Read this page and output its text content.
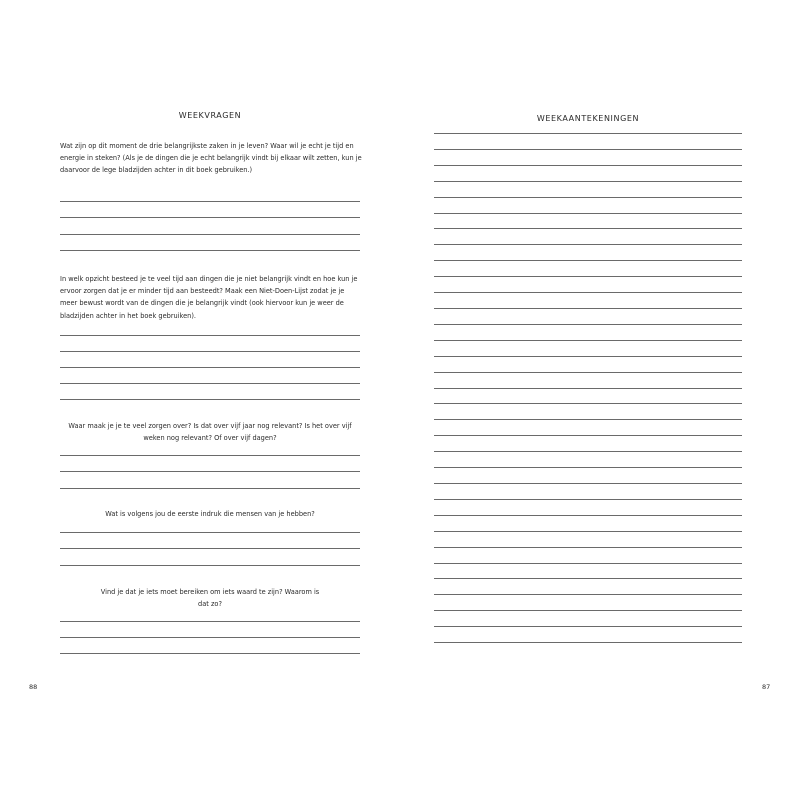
WEEKVRAGEN
Wat zijn op dit moment de drie belangrijkste zaken in je leven? Waar wil je echt je tijd en energie in steken? (Als je de dingen die je echt belangrijk vindt bij elkaar wilt zetten, kun je daarvoor de lege bladzijden achter in dit boek gebruiken.)
In welk opzicht besteed je te veel tijd aan dingen die je niet belangrijk vindt en hoe kun je ervoor zorgen dat je er minder tijd aan besteedt? Maak een Niet-Doen-Lijst zodat je je meer bewust wordt van de dingen die je belangrijk vindt (ook hiervoor kun je weer de bladzijden achter in het boek gebruiken).
Waar maak je je te veel zorgen over? Is dat over vijf jaar nog relevant? Is het over vijf weken nog relevant? Of over vijf dagen?
Wat is volgens jou de eerste indruk die mensen van je hebben?
Vind je dat je iets moet bereiken om iets waard te zijn? Waarom is dat zo?
88
WEEKAANTEKENINGEN
87
